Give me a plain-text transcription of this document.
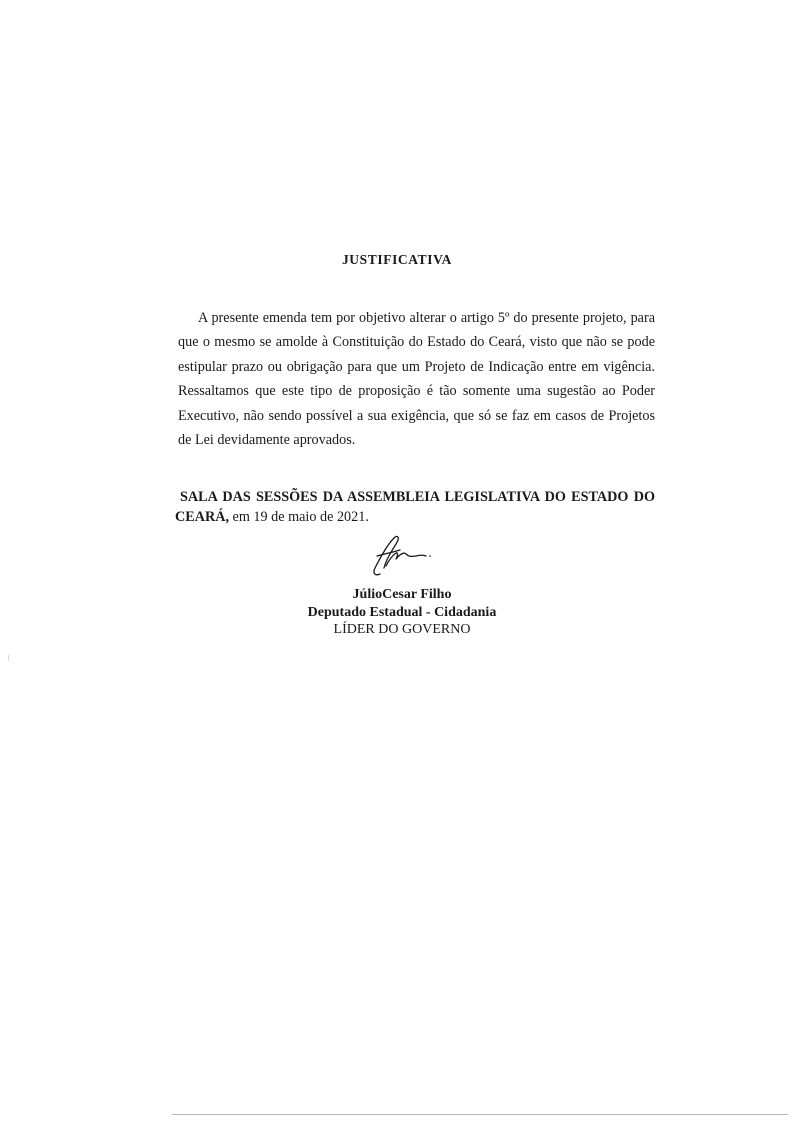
JUSTIFICATIVA

A presente emenda tem por objetivo alterar o artigo 5º do presente projeto, para que o mesmo se amolde à Constituição do Estado do Ceará, visto que não se pode estipular prazo ou obrigação para que um Projeto de Indicação entre em vigência. Ressaltamos que este tipo de proposição é tão somente uma sugestão ao Poder Executivo, não sendo possível a sua exigência, que só se faz em casos de Projetos de Lei devidamente aprovados.

SALA DAS SESSÕES DA ASSEMBLEIA LEGISLATIVA DO ESTADO DO CEARÁ, em 19 de maio de 2021.

JúlioCesar Filho
Deputado Estadual - Cidadania
LÍDER DO GOVERNO
